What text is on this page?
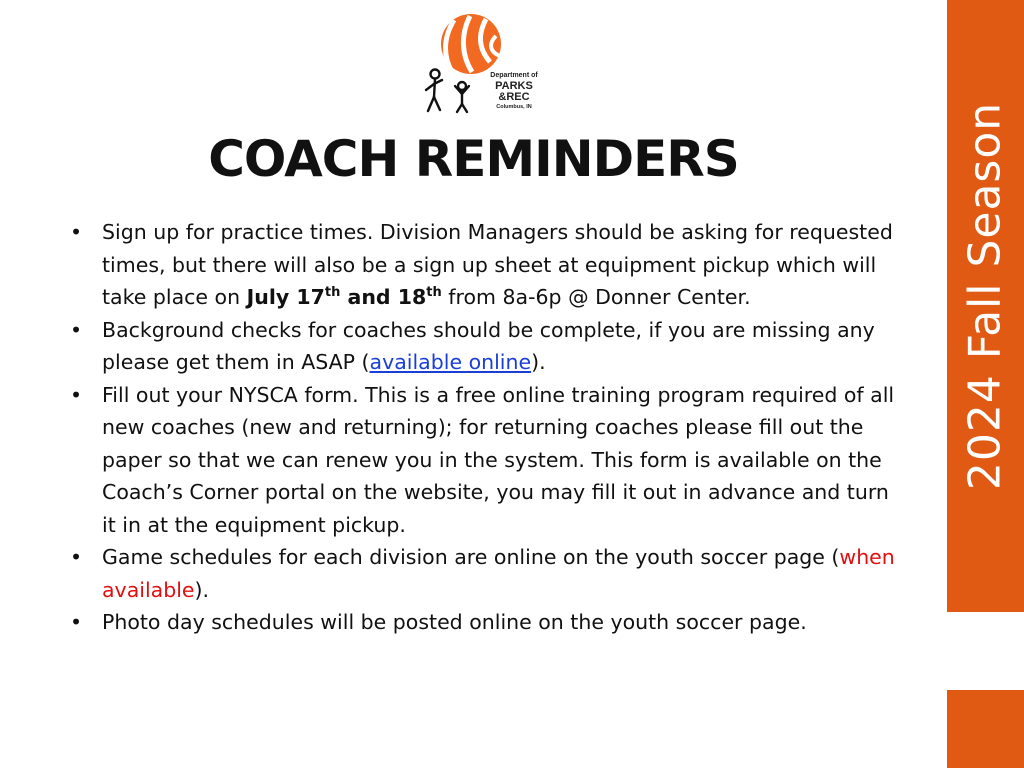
2024 Fall Season
Department of
PARKS
&REC
Columbus, IN
COACH REMINDERS
• Sign up for practice times. Division Managers should be asking for requested times, but there will also be a sign up sheet at equipment pickup which will take place on July 17th and 18th from 8a-6p @ Donner Center.
• Background checks for coaches should be complete, if you are missing any please get them in ASAP (available online).
• Fill out your NYSCA form. This is a free online training program required of all new coaches (new and returning); for returning coaches please fill out the paper so that we can renew you in the system. This form is available on the Coach’s Corner portal on the website, you may fill it out in advance and turn it in at the equipment pickup.
• Game schedules for each division are online on the youth soccer page (when available).
• Photo day schedules will be posted online on the youth soccer page.
